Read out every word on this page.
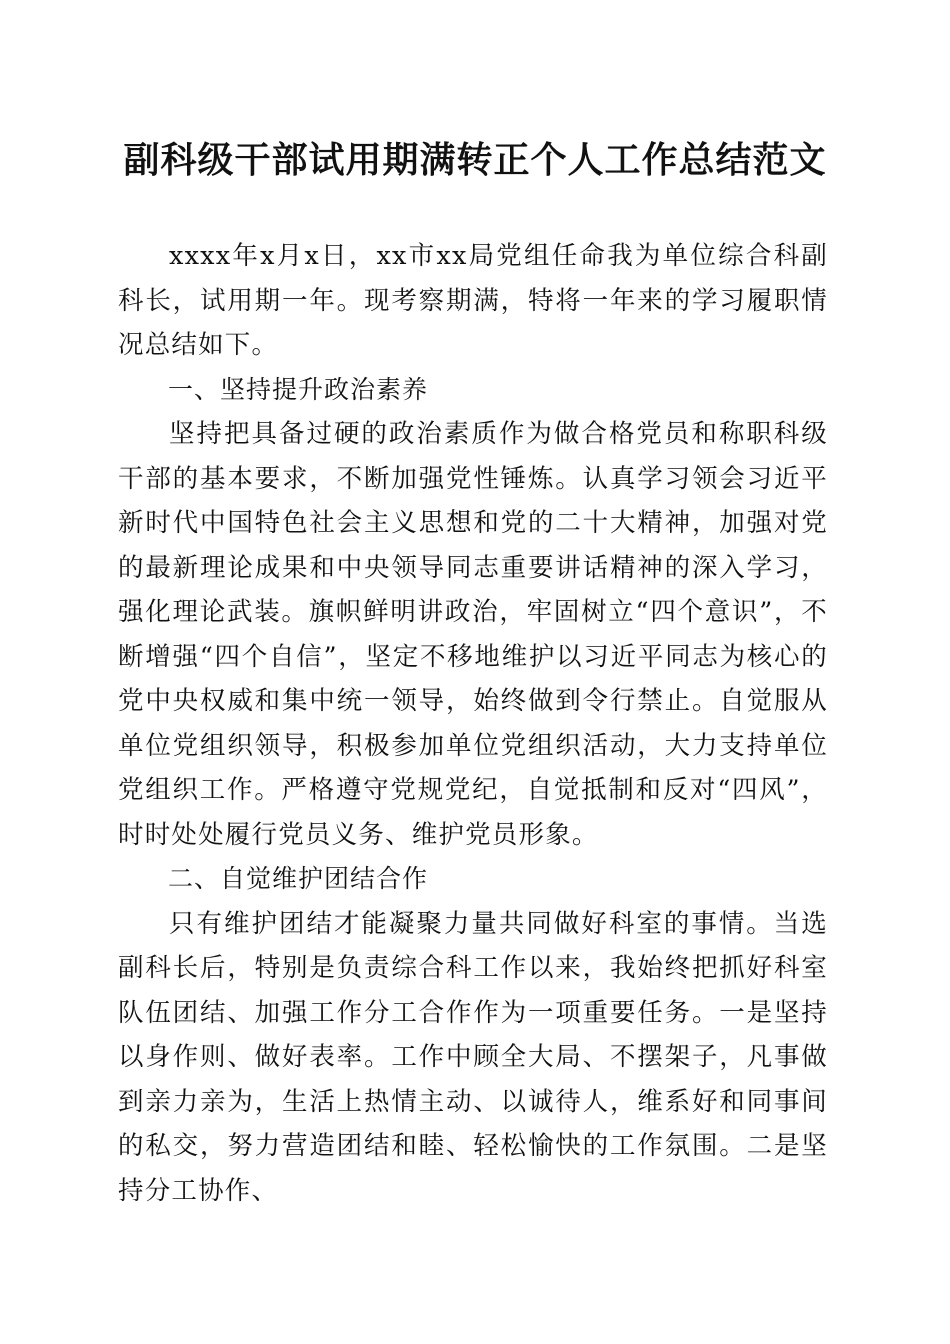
副科级干部试用期满转正个人工作总结范文

xxxx年x月x日，xx市xx局党组任命我为单位综合科副科长，试用期一年。现考察期满，特将一年来的学习履职情况总结如下。

一、坚持提升政治素养

坚持把具备过硬的政治素质作为做合格党员和称职科级干部的基本要求，不断加强党性锤炼。认真学习领会习近平新时代中国特色社会主义思想和党的二十大精神，加强对党的最新理论成果和中央领导同志重要讲话精神的深入学习，强化理论武装。旗帜鲜明讲政治，牢固树立“四个意识”，不断增强“四个自信”，坚定不移地维护以习近平同志为核心的党中央权威和集中统一领导，始终做到令行禁止。自觉服从单位党组织领导，积极参加单位党组织活动，大力支持单位党组织工作。严格遵守党规党纪，自觉抵制和反对“四风”，时时处处履行党员义务、维护党员形象。

二、自觉维护团结合作

只有维护团结才能凝聚力量共同做好科室的事情。当选副科长后，特别是负责综合科工作以来，我始终把抓好科室队伍团结、加强工作分工合作作为一项重要任务。一是坚持以身作则、做好表率。工作中顾全大局、不摆架子，凡事做到亲力亲为，生活上热情主动、以诚待人，维系好和同事间的私交，努力营造团结和睦、轻松愉快的工作氛围。二是坚持分工协作、
